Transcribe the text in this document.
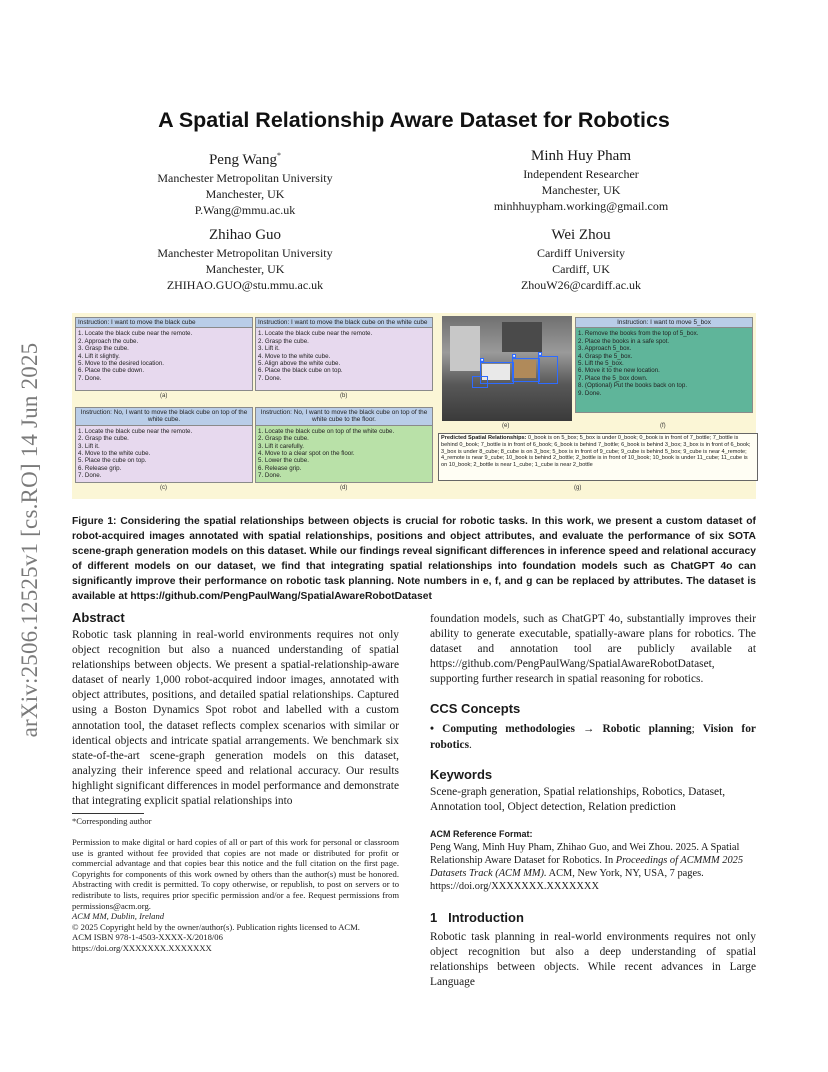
arXiv:2506.12525v1 [cs.RO] 14 Jun 2025
A Spatial Relationship Aware Dataset for Robotics
Peng Wang*
Manchester Metropolitan University
Manchester, UK
P.Wang@mmu.ac.uk
Minh Huy Pham
Independent Researcher
Manchester, UK
minhhuypham.working@gmail.com
Zhihao Guo
Manchester Metropolitan University
Manchester, UK
ZHIHAO.GUO@stu.mmu.ac.uk
Wei Zhou
Cardiff University
Cardiff, UK
ZhouW26@cardiff.ac.uk
Instruction: I want to move the black cube
1. Locate the black cube near the remote.
2. Approach the cube.
3. Grasp the cube.
4. Lift it slightly.
5. Move to the desired location.
6. Place the cube down.
7. Done.
(a)
Instruction: I want to move the black cube on the white cube
1. Locate the black cube near the remote.
2. Grasp the cube.
3. Lift it.
4. Move to the white cube.
5. Align above the white cube.
6. Place the black cube on top.
7. Done.
(b)
Instruction: No, I want to move the black cube on top of the white cube.
1. Locate the black cube near the remote.
2. Grasp the cube.
3. Lift it.
4. Move to the white cube.
5. Place the cube on top.
6. Release grip.
7. Done.
(c)
Instruction: No, I want to move the black cube on top of the white cube to the floor.
1. Locate the black cube on top of the white cube.
2. Grasp the cube.
3. Lift it carefully.
4. Move to a clear spot on the floor.
5. Lower the cube.
6. Release grip.
7. Done.
(d)
■
■	■
(e)
Instruction: I want to move 5_box
1. Remove the books from the top of 5_box.
2. Place the books in a safe spot.
3. Approach 5_box.
4. Grasp the 5_box.
5. Lift the 5_box.
6. Move it to the new location.
7. Place the 5_box down.
8. (Optional) Put the books back on top.
9. Done.
(f)
Predicted Spatial Relationships: 0_book is on 5_box; 5_box is under 0_book; 0_book is in front of 7_bottle; 7_bottle is behind 0_book; 7_bottle is in front of 6_book; 6_book is behind 7_bottle; 6_book is behind 3_box; 3_box is in front of 6_book; 3_box is under 8_cube; 8_cube is on 3_box; 5_box is in front of 9_cube; 9_cube is behind 5_box; 9_cube is near 4_remote; 4_remote is near 9_cube; 10_book is behind 2_bottle; 2_bottle is in front of 10_book; 10_book is under 11_cube; 11_cube is on 10_book; 2_bottle is near 1_cube; 1_cube is near 2_bottle
(g)
Figure 1: Considering the spatial relationships between objects is crucial for robotic tasks. In this work, we present a custom dataset of robot-acquired images annotated with spatial relationships, positions and object attributes, and evaluate the performance of six SOTA scene-graph generation models on this dataset. While our findings reveal significant differences in inference speed and relational accuracy of different models on our dataset, we find that integrating spatial relationships into foundation models such as ChatGPT 4o can significantly improve their performance on robotic task planning. Note numbers in e, f, and g can be replaced by attributes. The dataset is available at https://github.com/PengPaulWang/SpatialAwareRobotDataset
Abstract
Robotic task planning in real-world environments requires not only object recognition but also a nuanced understanding of spatial relationships between objects. We present a spatial-relationship-aware dataset of nearly 1,000 robot-acquired indoor images, annotated with object attributes, positions, and detailed spatial relationships. Captured using a Boston Dynamics Spot robot and labelled with a custom annotation tool, the dataset reflects complex scenarios with similar or identical objects and intricate spatial arrangements. We benchmark six state-of-the-art scene-graph generation models on this dataset, analyzing their inference speed and relational accuracy. Our results highlight significant differences in model performance and demonstrate that integrating explicit spatial relationships into
*Corresponding author
Permission to make digital or hard copies of all or part of this work for personal or classroom use is granted without fee provided that copies are not made or distributed for profit or commercial advantage and that copies bear this notice and the full citation on the first page. Copyrights for components of this work owned by others than the author(s) must be honored. Abstracting with credit is permitted. To copy otherwise, or republish, to post on servers or to redistribute to lists, requires prior specific permission and/or a fee. Request permissions from permissions@acm.org.
ACM MM, Dublin, Ireland
© 2025 Copyright held by the owner/author(s). Publication rights licensed to ACM.
ACM ISBN 978-1-4503-XXXX-X/2018/06
https://doi.org/XXXXXXX.XXXXXXX
foundation models, such as ChatGPT 4o, substantially improves their ability to generate executable, spatially-aware plans for robotics. The dataset and annotation tool are publicly available at https://github.com/PengPaulWang/SpatialAwareRobotDataset, supporting further research in spatial reasoning for robotics.
CCS Concepts
• Computing methodologies → Robotic planning; Vision for robotics.
Keywords
Scene-graph generation, Spatial relationships, Robotics, Dataset, Annotation tool, Object detection, Relation prediction
ACM Reference Format:
Peng Wang, Minh Huy Pham, Zhihao Guo, and Wei Zhou. 2025. A Spatial Relationship Aware Dataset for Robotics. In Proceedings of ACMMM 2025 Datasets Track (ACM MM). ACM, New York, NY, USA, 7 pages. https://doi.org/XXXXXXX.XXXXXXX
1 Introduction
Robotic task planning in real-world environments requires not only object recognition but also a deep understanding of spatial relationships between objects. While recent advances in Large Language
